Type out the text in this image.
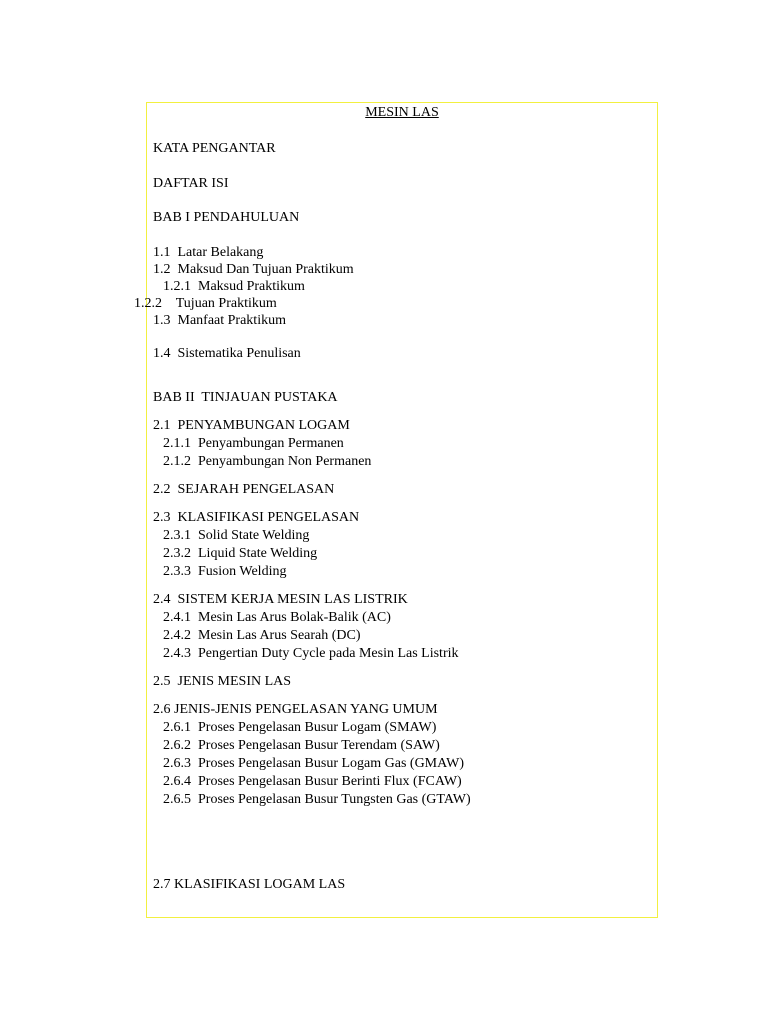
MESIN LAS
KATA PENGANTAR
DAFTAR ISI
BAB I PENDAHULUAN
1.1 Latar Belakang
1.2 Maksud Dan Tujuan Praktikum
1.2.1 Maksud Praktikum
1.2.2 Tujuan Praktikum
1.3 Manfaat Praktikum
1.4 Sistematika Penulisan
BAB II TINJAUAN PUSTAKA
2.1 PENYAMBUNGAN LOGAM
2.1.1 Penyambungan Permanen
2.1.2 Penyambungan Non Permanen
2.2 SEJARAH PENGELASAN
2.3 KLASIFIKASI PENGELASAN
2.3.1 Solid State Welding
2.3.2 Liquid State Welding
2.3.3 Fusion Welding
2.4 SISTEM KERJA MESIN LAS LISTRIK
2.4.1 Mesin Las Arus Bolak-Balik (AC)
2.4.2 Mesin Las Arus Searah (DC)
2.4.3 Pengertian Duty Cycle pada Mesin Las Listrik
2.5 JENIS MESIN LAS
2.6 JENIS-JENIS PENGELASAN YANG UMUM
2.6.1 Proses Pengelasan Busur Logam (SMAW)
2.6.2 Proses Pengelasan Busur Terendam (SAW)
2.6.3 Proses Pengelasan Busur Logam Gas (GMAW)
2.6.4 Proses Pengelasan Busur Berinti Flux (FCAW)
2.6.5 Proses Pengelasan Busur Tungsten Gas (GTAW)
2.7 KLASIFIKASI LOGAM LAS
